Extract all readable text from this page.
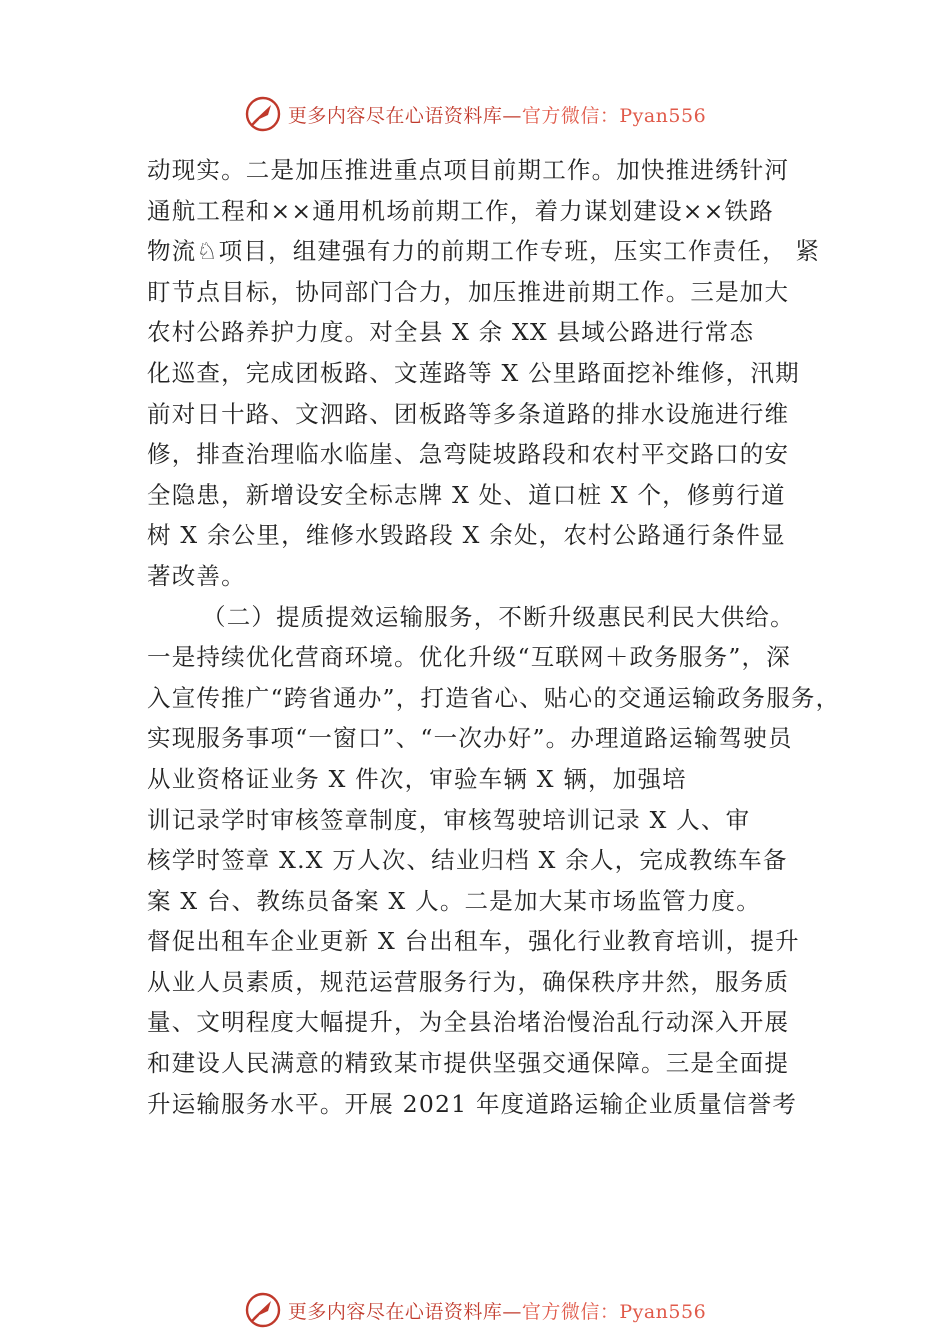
更多内容尽在心语资料库—官方微信：Pyan556
动现实。二是加压推进重点项目前期工作。加快推进绣针河
通航工程和××通用机场前期工作，着力谋划建设××铁路
物流♘项目，组建强有力的前期工作专班，压实工作责任， 紧
盯节点目标，协同部门合力，加压推进前期工作。三是加大
农村公路养护力度。对全县 X 余 XX 县域公路进行常态
化巡查，完成团板路、文莲路等 X 公里路面挖补维修，汛期
前对日十路、文泗路、团板路等多条道路的排水设施进行维
修，排查治理临水临崖、急弯陡坡路段和农村平交路口的安
全隐患，新增设安全标志牌 X 处、道口桩 X 个，修剪行道
树 X 余公里，维修水毁路段 X 余处，农村公路通行条件显
著改善。
（二）提质提效运输服务，不断升级惠民利民大供给。
一是持续优化营商环境。优化升级“互联网＋政务服务”，深
入宣传推广“跨省通办”，打造省心、贴心的交通运输政务服务，
实现服务事项“一窗口”、“一次办好”。办理道路运输驾驶员
从业资格证业务 X 件次，审验车辆 X 辆，加强培
训记录学时审核签章制度，审核驾驶培训记录 X 人、审
核学时签章 X.X 万人次、结业归档 X 余人，完成教练车备
案 X 台、教练员备案 X 人。二是加大某市场监管力度。
督促出租车企业更新 X 台出租车，强化行业教育培训，提升
从业人员素质，规范运营服务行为，确保秩序井然，服务质
量、文明程度大幅提升，为全县治堵治慢治乱行动深入开展
和建设人民满意的精致某市提供坚强交通保障。三是全面提
升运输服务水平。开展 2021 年度道路运输企业质量信誉考
更多内容尽在心语资料库—官方微信：Pyan556
